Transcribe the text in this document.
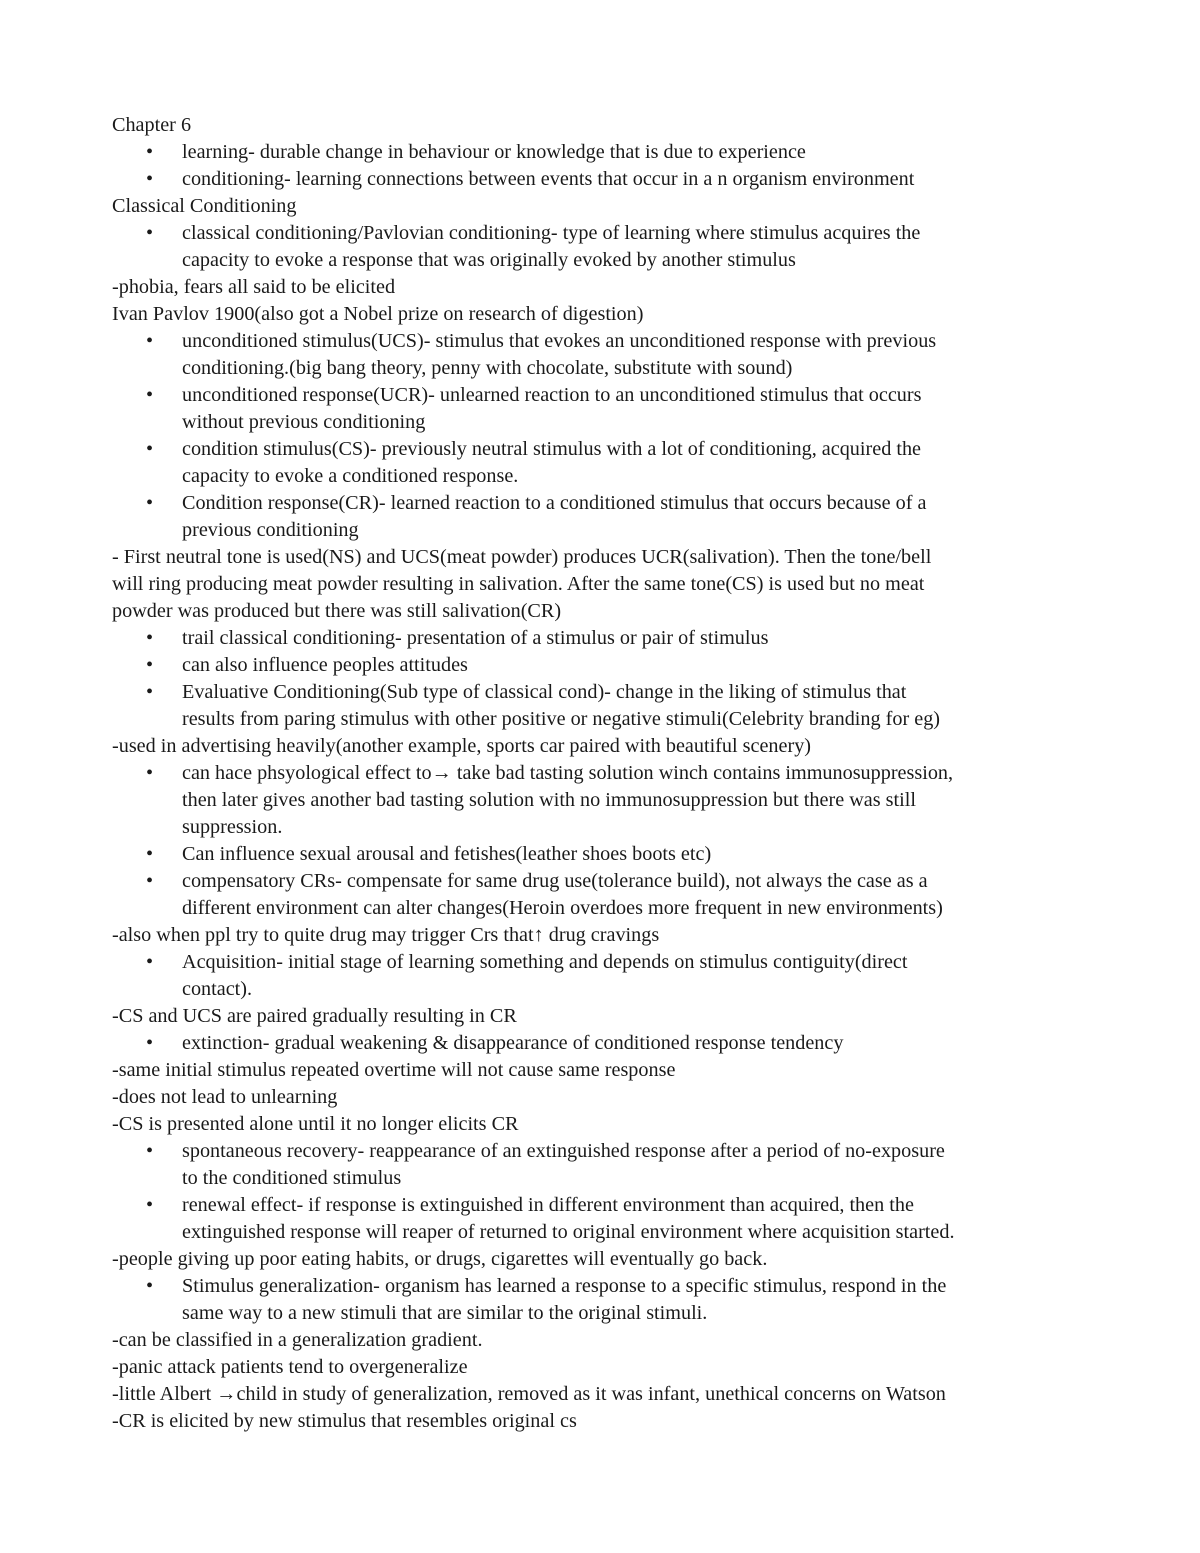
Chapter 6
•	learning- durable change in behaviour or knowledge that is due to experience
•	conditioning- learning connections between events that occur in a n organism environment
Classical Conditioning
•	classical conditioning/Pavlovian conditioning- type of learning where stimulus acquires the
capacity to evoke a response that was originally evoked by another stimulus
-phobia, fears all said to be elicited
Ivan Pavlov 1900(also got a Nobel prize on research of digestion)
•	unconditioned stimulus(UCS)- stimulus that evokes an unconditioned response with previous
conditioning.(big bang theory, penny with chocolate, substitute with sound)
•	unconditioned response(UCR)- unlearned reaction to an unconditioned stimulus that occurs
without previous conditioning
•	condition stimulus(CS)- previously neutral stimulus with a lot of conditioning, acquired the
capacity to evoke a conditioned response.
•	Condition response(CR)- learned reaction to a conditioned stimulus that occurs because of a
previous conditioning
- First neutral tone is used(NS) and UCS(meat powder) produces UCR(salivation). Then the tone/bell
will ring producing meat powder resulting in salivation. After the same tone(CS) is used but no meat
powder was produced but there was still salivation(CR)
•	trail classical conditioning- presentation of a stimulus or pair of stimulus
•	can also influence peoples attitudes
•	Evaluative Conditioning(Sub type of classical cond)- change in the liking of stimulus that
results from paring stimulus with other positive or negative stimuli(Celebrity branding for eg)
-used in advertising heavily(another example, sports car paired with beautiful scenery)
•	can hace phsyological effect to→ take bad tasting solution winch contains immunosuppression,
then later gives another bad tasting solution with no immunosuppression but there was still
suppression.
•	Can influence sexual arousal and fetishes(leather shoes boots etc)
•	compensatory CRs- compensate for same drug use(tolerance build), not always the case as a
different environment can alter changes(Heroin overdoes more frequent in new environments)
-also when ppl try to quite drug may trigger Crs that↑ drug cravings
•	Acquisition- initial stage of learning something and depends on stimulus contiguity(direct
contact).
-CS and UCS are paired gradually resulting in CR
•	extinction- gradual weakening & disappearance of conditioned response tendency
-same initial stimulus repeated overtime will not cause same response
-does not lead to unlearning
-CS is presented alone until it no longer elicits CR
•	spontaneous recovery- reappearance of an extinguished response after a period of no-exposure
to the conditioned stimulus
•	renewal effect- if response is extinguished in different environment than acquired, then the
extinguished response will reaper of returned to original environment where acquisition started.
-people giving up poor eating habits, or drugs, cigarettes will eventually go back.
•	Stimulus generalization- organism has learned a response to a specific stimulus, respond in the
same way to a new stimuli that are similar to the original stimuli.
-can be classified in a generalization gradient.
-panic attack patients tend to overgeneralize
-little Albert →child in study of generalization, removed as it was infant, unethical concerns on Watson
-CR is elicited by new stimulus that resembles original cs
